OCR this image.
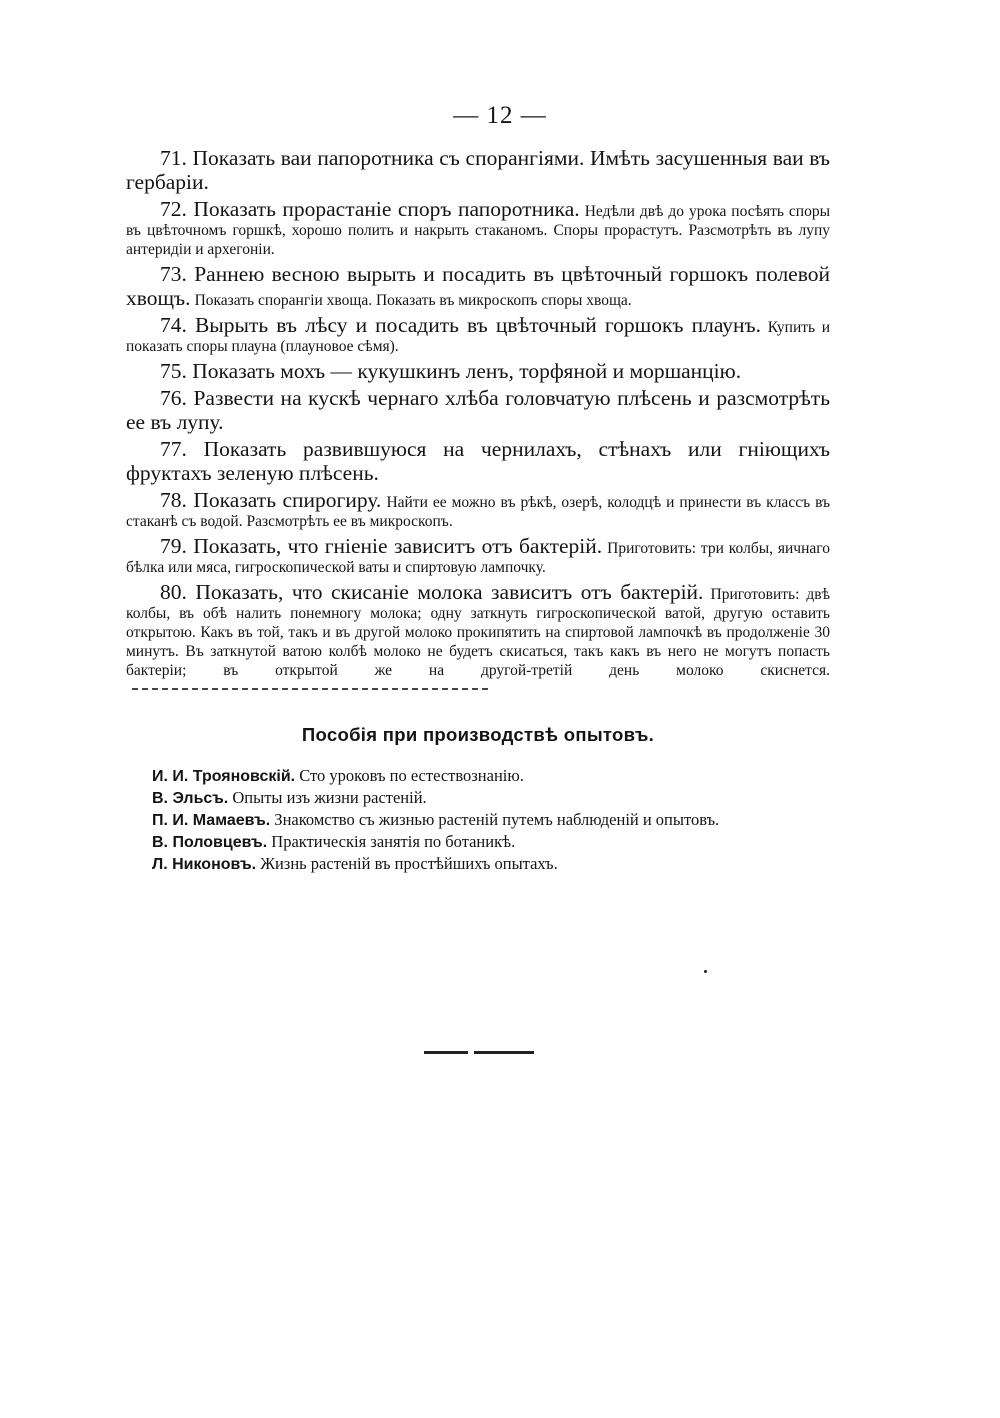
— 12 —
71. Показать ваи папоротника съ спорангіями. Имѣть засушенныя ваи въ гербаріи.
72. Показать прорастаніе споръ папоротника. Недѣли двѣ до урока посѣять споры въ цвѣточномъ горшкѣ, хорошо полить и накрыть стаканомъ. Споры прорастутъ. Разсмотрѣть въ лупу антеридіи и архегоніи.
73. Раннею весною вырыть и посадить въ цвѣточный горшокъ полевой хвощъ. Показать спорангіи хвоща. Показать въ микроскопъ споры хвоща.
74. Вырыть въ лѣсу и посадить въ цвѣточный горшокъ плаунъ. Купить и показать споры плауна (плауновое сѣмя).
75. Показать мохъ — кукушкинъ ленъ, торфяной и моршанцію.
76. Развести на кускѣ чернаго хлѣба головчатую плѣсень и разсмотрѣть ее въ лупу.
77. Показать развившуюся на чернилахъ, стѣнахъ или гніющихъ фруктахъ зеленую плѣсень.
78. Показать спирогиру. Найти ее можно въ рѣкѣ, озерѣ, колодцѣ и принести въ классъ въ стаканѣ съ водой. Разсмотрѣть ее въ микроскопъ.
79. Показать, что гніеніе зависитъ отъ бактерій. Приготовить: три колбы, яичнаго бѣлка или мяса, гигроскопической ваты и спиртовую лампочку.
80. Показать, что скисаніе молока зависитъ отъ бактерій. Приготовить: двѣ колбы, въ обѣ налить понемногу молока; одну заткнуть гигроскопической ватой, другую оставить открытою. Какъ въ той, такъ и въ другой молоко прокипятить на спиртовой лампочкѣ въ продолженіе 30 минутъ. Въ заткнутой ватою колбѣ молоко не будетъ скисаться, такъ какъ въ него не могутъ попасть бактеріи; въ открытой же на другой-третій день молоко скиснется.
Пособія при производствѣ опытовъ.
И. И. Трояновскій. Сто уроковъ по естествознанію.
В. Эльсъ. Опыты изъ жизни растеній.
П. И. Мамаевъ. Знакомство съ жизнью растеній путемъ наблюденій и опытовъ.
В. Половцевъ. Практическія занятія по ботаникѣ.
Л. Никоновъ. Жизнь растеній въ простѣйшихъ опытахъ.
